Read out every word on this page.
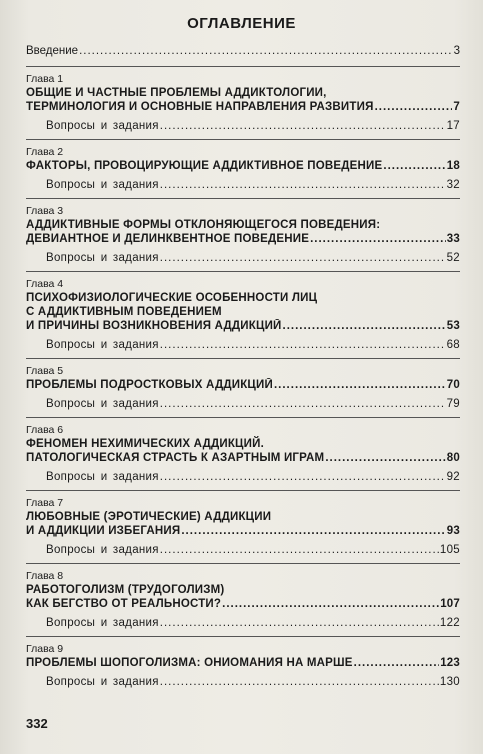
ОГЛАВЛЕНИЕ
Введение .....	3
Глава 1
ОБЩИЕ И ЧАСТНЫЕ ПРОБЛЕМЫ АДДИКТОЛОГИИ,
ТЕРМИНОЛОГИЯ И ОСНОВНЫЕ НАПРАВЛЕНИЯ РАЗВИТИЯ .....	7
Вопросы и задания .....	17
Глава 2
ФАКТОРЫ, ПРОВОЦИРУЮЩИЕ АДДИКТИВНОЕ ПОВЕДЕНИЕ .....	18
Вопросы и задания .....	32
Глава 3
АДДИКТИВНЫЕ ФОРМЫ ОТКЛОНЯЮЩЕГОСЯ ПОВЕДЕНИЯ:
ДЕВИАНТНОЕ И ДЕЛИНКВЕНТНОЕ ПОВЕДЕНИЕ .....	33
Вопросы и задания .....	52
Глава 4
ПСИХОФИЗИОЛОГИЧЕСКИЕ ОСОБЕННОСТИ ЛИЦ
С АДДИКТИВНЫМ ПОВЕДЕНИЕМ
И ПРИЧИНЫ ВОЗНИКНОВЕНИЯ АДДИКЦИЙ .....	53
Вопросы и задания .....	68
Глава 5
ПРОБЛЕМЫ ПОДРОСТКОВЫХ АДДИКЦИЙ .....	70
Вопросы и задания .....	79
Глава 6
ФЕНОМЕН НЕХИМИЧЕСКИХ АДДИКЦИЙ.
ПАТОЛОГИЧЕСКАЯ СТРАСТЬ К АЗАРТНЫМ ИГРАМ .....	80
Вопросы и задания .....	92
Глава 7
ЛЮБОВНЫЕ (ЭРОТИЧЕСКИЕ) АДДИКЦИИ
И АДДИКЦИИ ИЗБЕГАНИЯ .....	93
Вопросы и задания .....	105
Глава 8
РАБОТОГОЛИЗМ (ТРУДОГОЛИЗМ)
КАК БЕГСТВО ОТ РЕАЛЬНОСТИ? .....	107
Вопросы и задания .....	122
Глава 9
ПРОБЛЕМЫ ШОПОГОЛИЗМА: ОНИОМАНИЯ НА МАРШЕ .....	123
Вопросы и задания .....	130
332
